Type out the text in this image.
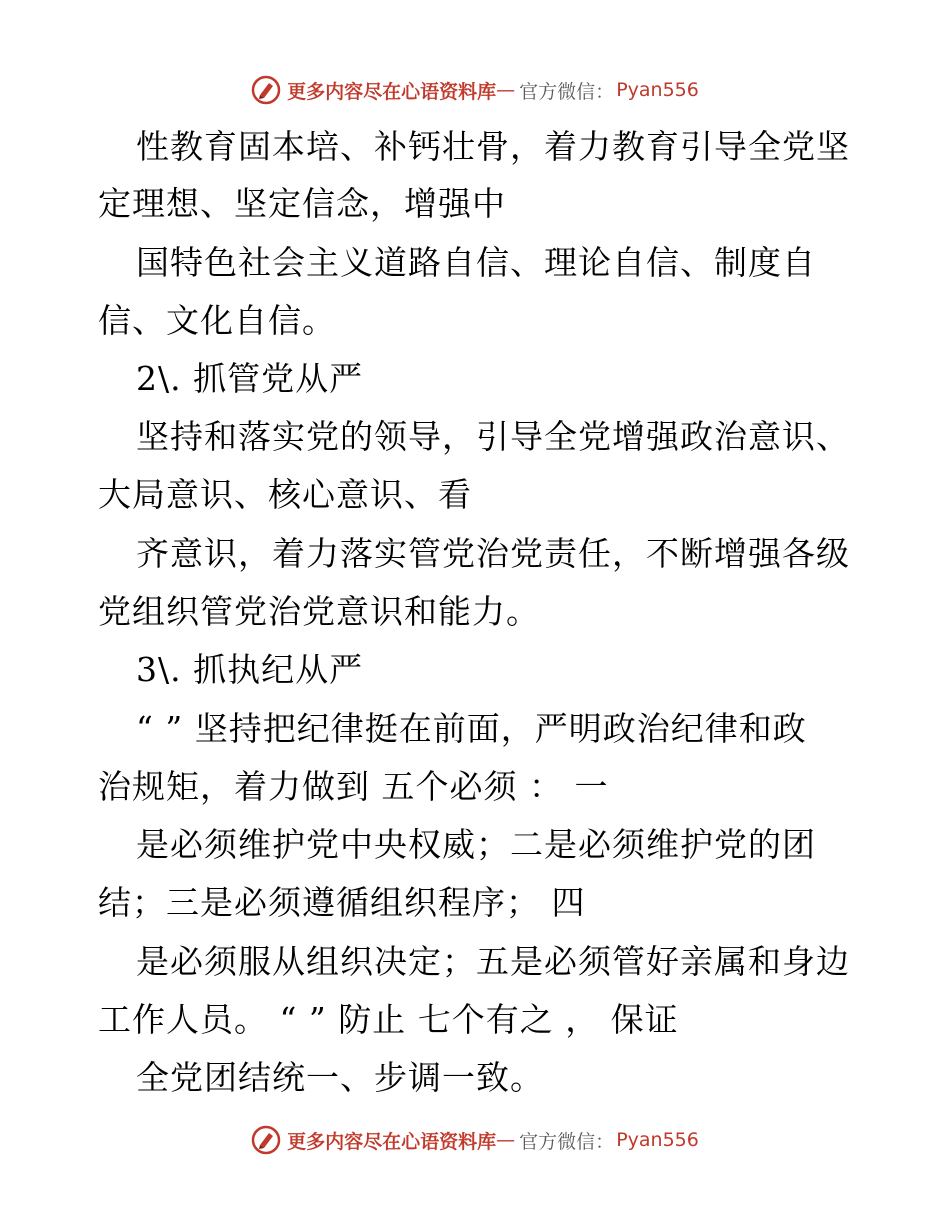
更多内容尽在心语资料库 — 官方微信： Pyan556
性教育固本培、补钙壮骨，着力教育引导全党坚
定理想、坚定信念，增强中
国特色社会主义道路自信、理论自信、制度自
信、文化自信。
2\. 抓管党从严
坚持和落实党的领导，引导全党增强政治意识、
大局意识、核心意识、看
齐意识，着力落实管党治党责任，不断增强各级
党组织管党治党意识和能力。
3\. 抓执纪从严
“ ” 坚持把纪律挺在前面，严明政治纪律和政
治规矩，着力做到 五个必须 ： 一
是必须维护党中央权威；二是必须维护党的团
结；三是必须遵循组织程序； 四
是必须服从组织决定；五是必须管好亲属和身边
工作人员。 “ ” 防止 七个有之 ， 保证
全党团结统一、步调一致。
更多内容尽在心语资料库 — 官方微信： Pyan556
